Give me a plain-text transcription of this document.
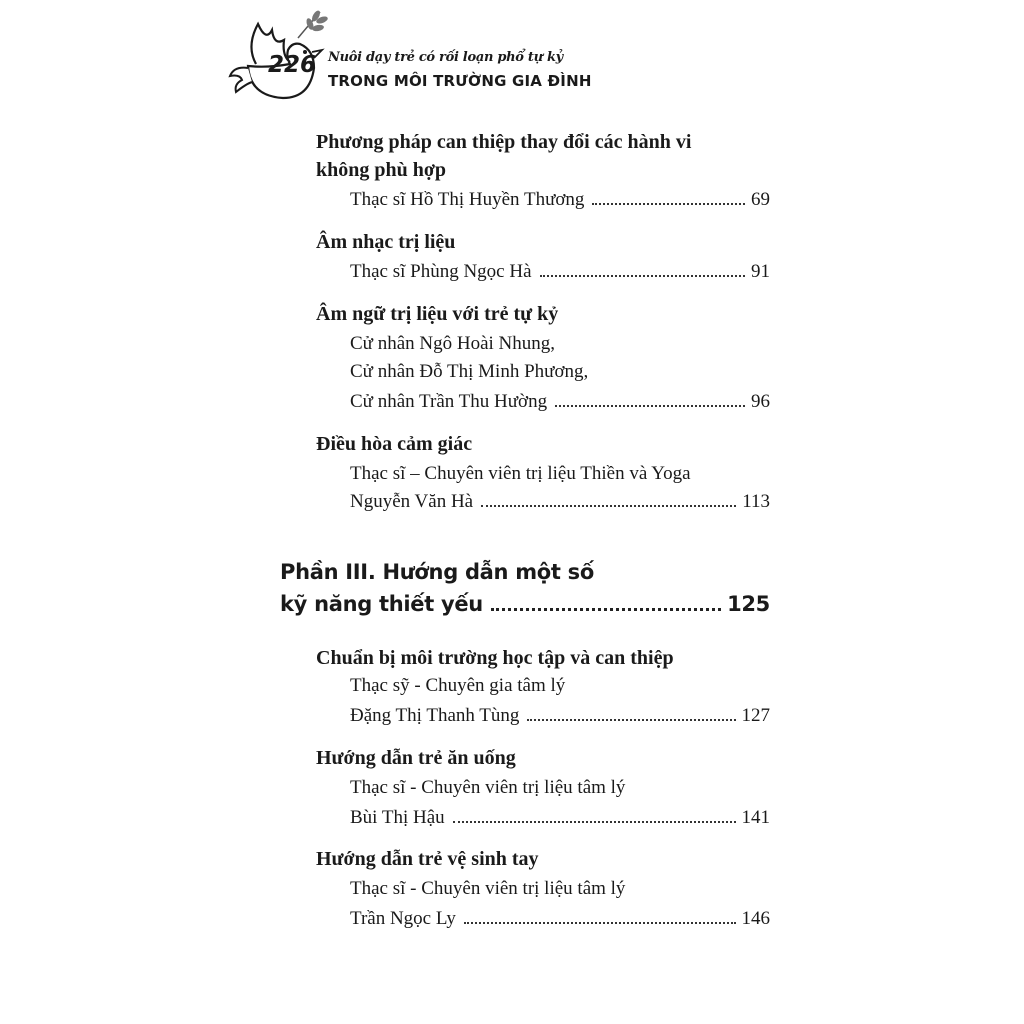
226 Nuôi dạy trẻ có rối loạn phổ tự kỷ
TRONG MÔI TRƯỜNG GIA ĐÌNH
Phương pháp can thiệp thay đổi các hành vi
không phù hợp
Thạc sĩ Hồ Thị Huyền Thương	69
Âm nhạc trị liệu
Thạc sĩ Phùng Ngọc Hà	91
Âm ngữ trị liệu với trẻ tự kỷ
Cử nhân Ngô Hoài Nhung,
Cử nhân Đỗ Thị Minh Phương,
Cử nhân Trần Thu Hường	96
Điều hòa cảm giác
Thạc sĩ – Chuyên viên trị liệu Thiền và Yoga
Nguyễn Văn Hà	113
Phần III. Hướng dẫn một số
kỹ năng thiết yếu	125
Chuẩn bị môi trường học tập và can thiệp
Thạc sỹ - Chuyên gia tâm lý
Đặng Thị Thanh Tùng	127
Hướng dẫn trẻ ăn uống
Thạc sĩ - Chuyên viên trị liệu tâm lý
Bùi Thị Hậu	141
Hướng dẫn trẻ vệ sinh tay
Thạc sĩ - Chuyên viên trị liệu tâm lý
Trần Ngọc Ly	146
